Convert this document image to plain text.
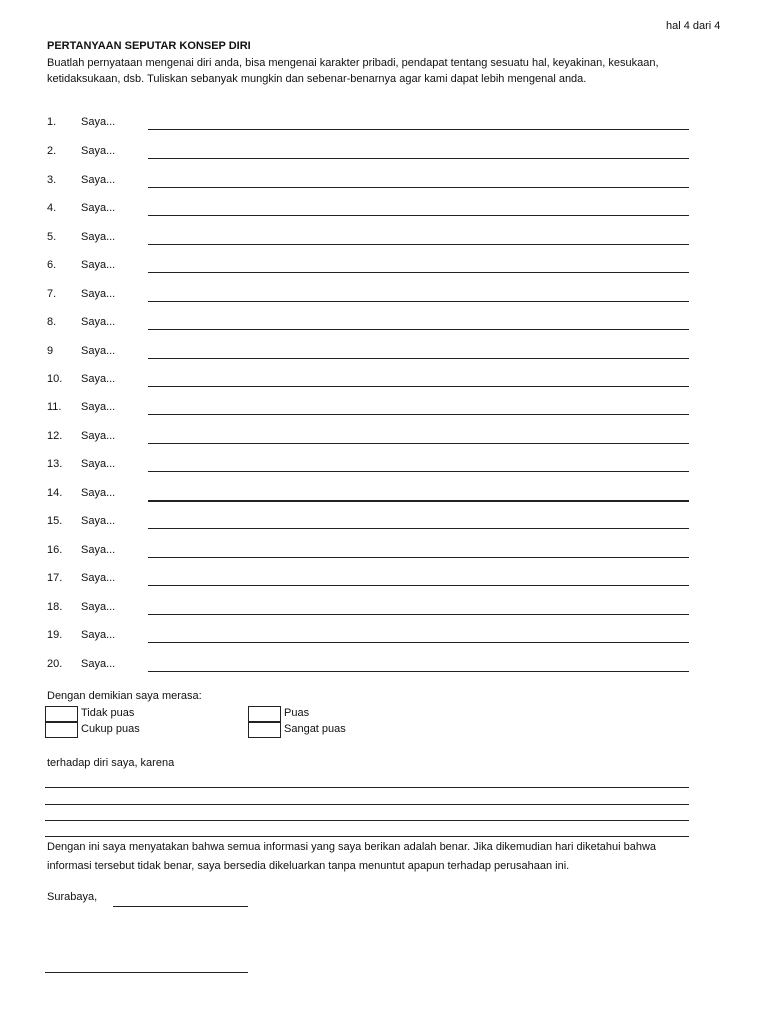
hal 4 dari 4
PERTANYAAN SEPUTAR KONSEP DIRI
Buatlah pernyataan mengenai diri anda, bisa mengenai karakter pribadi, pendapat tentang sesuatu hal, keyakinan, kesukaan, ketidaksukaan, dsb. Tuliskan sebanyak mungkin dan sebenar-benarnya agar kami dapat lebih mengenal anda.
1. Saya...
2. Saya...
3. Saya...
4. Saya...
5. Saya...
6. Saya...
7. Saya...
8. Saya...
9	Saya...
10. Saya...
11. Saya...
12. Saya...
13. Saya...
14. Saya...
15. Saya...
16. Saya...
17. Saya...
18. Saya...
19. Saya...
20. Saya...
Dengan demikian saya merasa:
Tidak puas	Puas
Cukup puas	Sangat puas
terhadap diri saya, karena
Dengan ini saya menyatakan bahwa semua informasi yang saya berikan adalah benar. Jika dikemudian hari diketahui bahwa informasi tersebut tidak benar, saya bersedia dikeluarkan tanpa menuntut apapun terhadap perusahaan ini.
Surabaya,
